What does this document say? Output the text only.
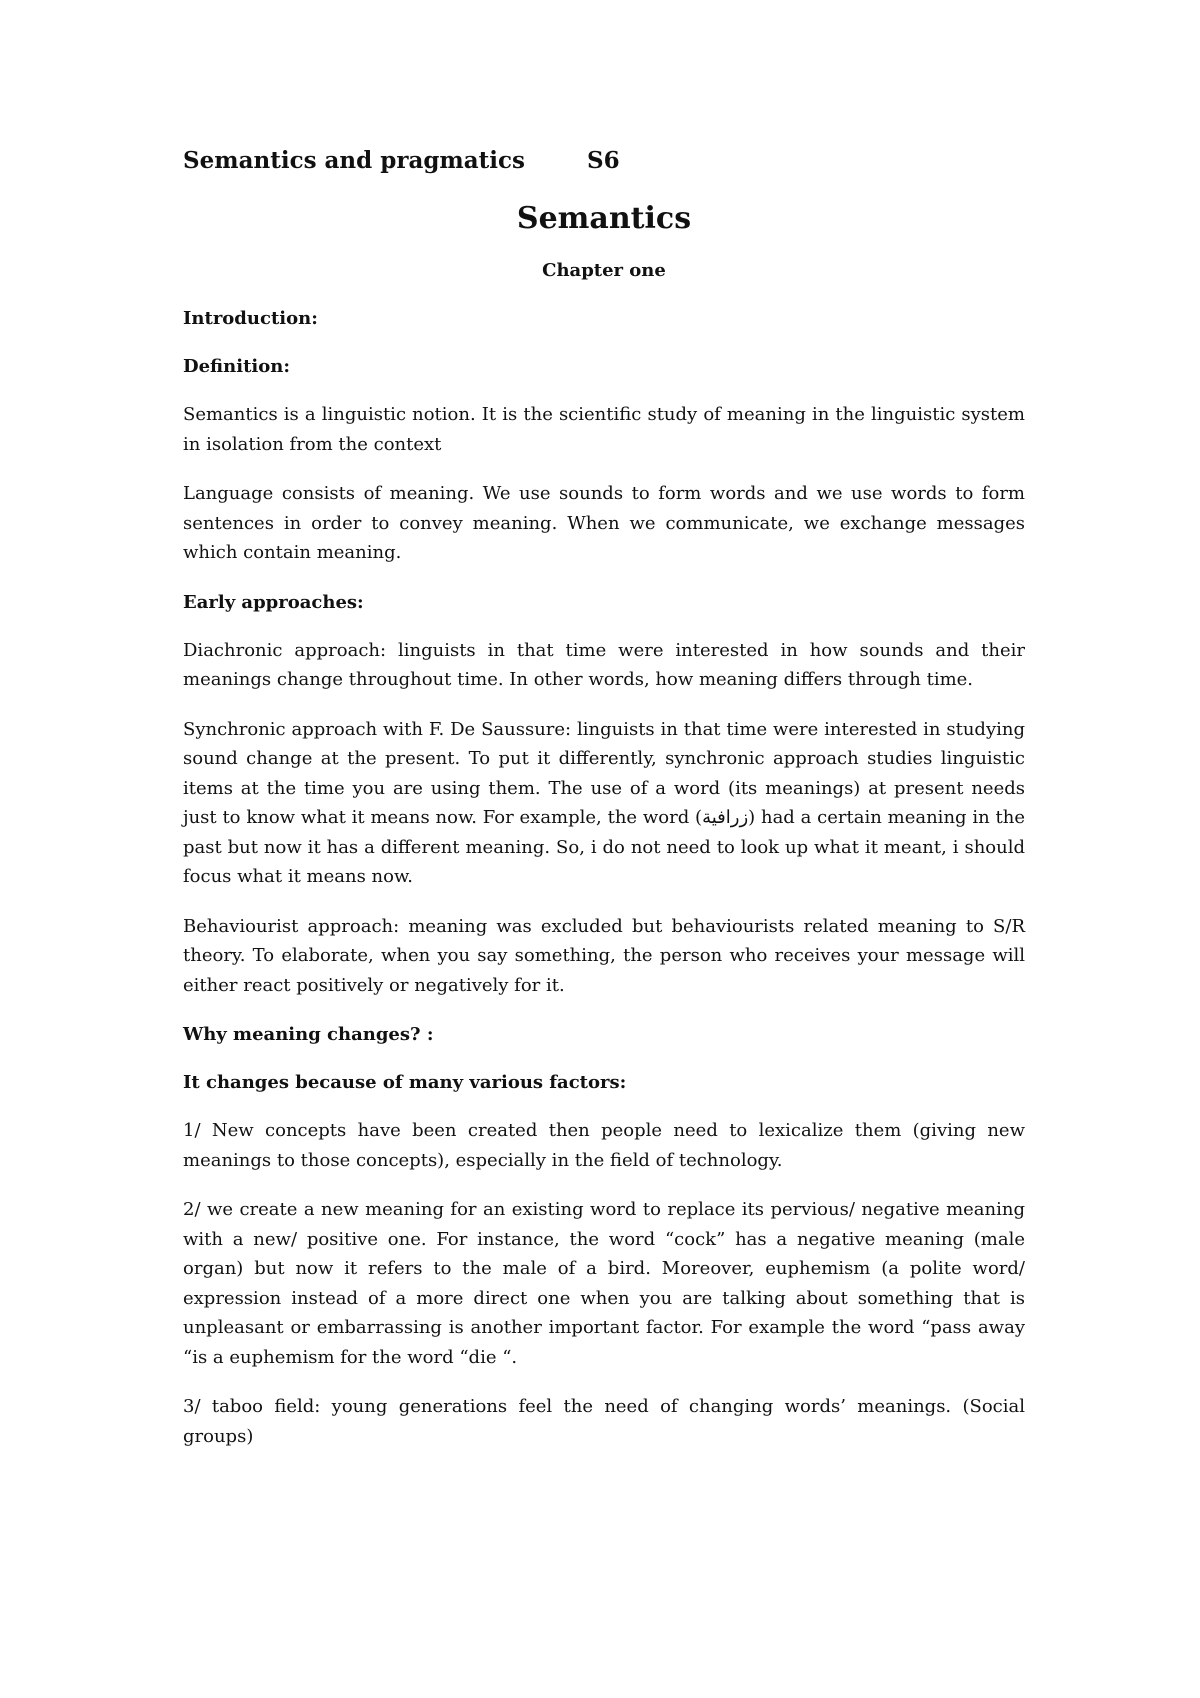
Semantics and pragmatics	S6

Semantics

Chapter one

Introduction:

Definition:

Semantics is a linguistic notion. It is the scientific study of meaning in the linguistic system in isolation from the context

Language consists of meaning. We use sounds to form words and we use words to form sentences in order to convey meaning. When we communicate, we exchange messages which contain meaning.

Early approaches:

Diachronic approach: linguists in that time were interested in how sounds and their meanings change throughout time. In other words, how meaning differs through time.

Synchronic approach with F. De Saussure: linguists in that time were interested in studying sound change at the present. To put it differently, synchronic approach studies linguistic items at the time you are using them. The use of a word (its meanings) at present needs just to know what it means now. For example, the word (زرافية) had a certain meaning in the past but now it has a different meaning. So, i do not need to look up what it meant, i should focus what it means now.

Behaviourist approach: meaning was excluded but behaviourists related meaning to S/R theory. To elaborate, when you say something, the person who receives your message will either react positively or negatively for it.

Why meaning changes? :

It changes because of many various factors:

1/ New concepts have been created then people need to lexicalize them (giving new meanings to those concepts), especially in the field of technology.

2/ we create a new meaning for an existing word to replace its pervious/ negative meaning with a new/ positive one. For instance, the word “cock” has a negative meaning (male organ) but now it refers to the male of a bird. Moreover, euphemism (a polite word/ expression instead of a more direct one when you are talking about something that is unpleasant or embarrassing is another important factor. For example the word “pass away “is a euphemism for the word “die “.

3/ taboo field: young generations feel the need of changing words’ meanings. (Social groups)
